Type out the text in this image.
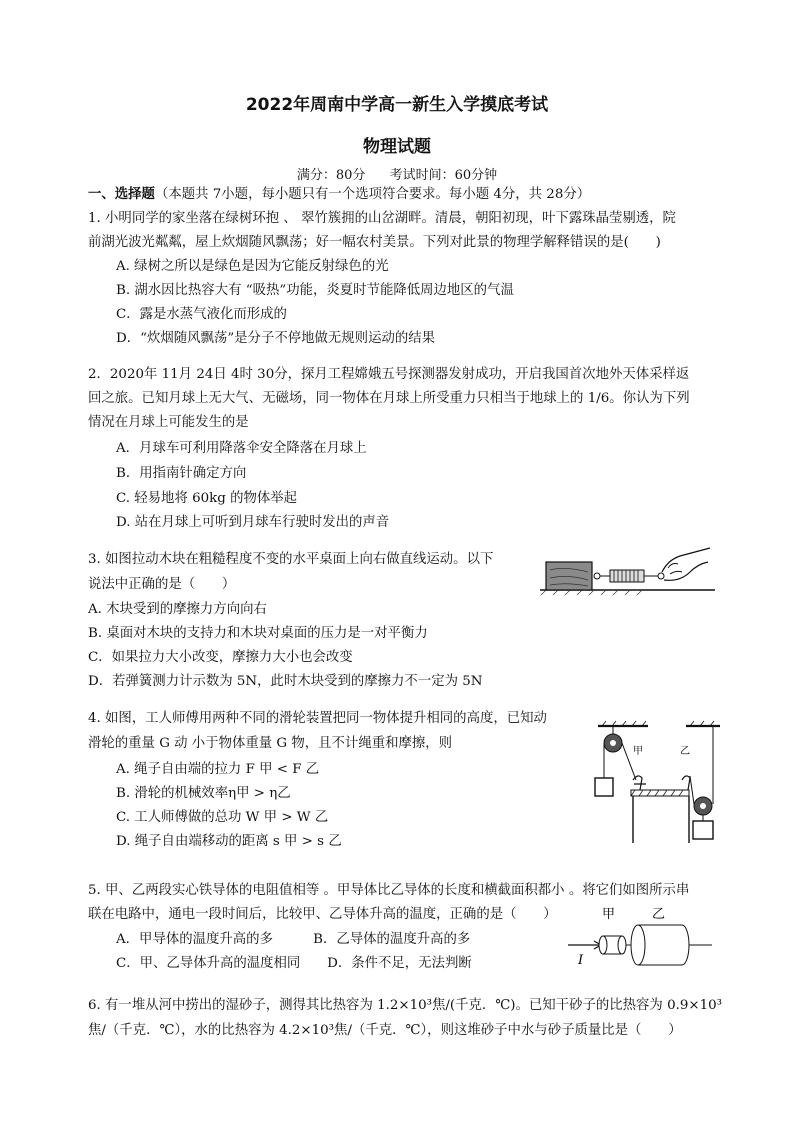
2022年周南中学高一新生入学摸底考试
物理试题
满分：80分 考试时间：60分钟
一、选择题（本题共 7小题，每小题只有一个选项符合要求。每小题 4分，共 28分）
1. 小明同学的家坐落在绿树环抱 、 翠竹簇拥的山岔湖畔。清晨，朝阳初现，叶下露珠晶莹剔透，院
前湖光波光粼粼，屋上炊烟随风飘荡；好一幅农村美景。下列对此景的物理学解释错误的是(　　)
A. 绿树之所以是绿色是因为它能反射绿色的光
B. 湖水因比热容大有 “吸热”功能，炎夏时节能降低周边地区的气温
C．露是水蒸气液化而形成的
D．“炊烟随风飘荡”是分子不停地做无规则运动的结果
2．2020年 11月 24日 4时 30分，探月工程嫦娥五号探测器发射成功，开启我国首次地外天体采样返
回之旅。已知月球上无大气、无磁场，同一物体在月球上所受重力只相当于地球上的 1/6。你认为下列
情况在月球上可能发生的是
A．月球车可利用降落伞安全降落在月球上
B．用指南针确定方向
C. 轻易地将 60kg 的物体举起
D. 站在月球上可听到月球车行驶时发出的声音
3. 如图拉动木块在粗糙程度不变的水平桌面上向右做直线运动。以下
说法中正确的是（　　）
A. 木块受到的摩擦力方向向右
B. 桌面对木块的支持力和木块对桌面的压力是一对平衡力
C．如果拉力大小改变，摩擦力大小也会改变
D．若弹簧测力计示数为 5N，此时木块受到的摩擦力不一定为 5N
4. 如图，工人师傅用两种不同的滑轮装置把同一物体提升相同的高度，已知动
滑轮的重量 G 动 小于物体重量 G 物，且不计绳重和摩擦，则
A. 绳子自由端的拉力 F 甲 < F 乙
B. 滑轮的机械效率η甲 > η乙
C. 工人师傅做的总功 W 甲 > W 乙
D. 绳子自由端移动的距离 s 甲 > s 乙
甲	乙
5. 甲、乙两段实心铁导体的电阻值相等 。甲导体比乙导体的长度和横截面积都小 。将它们如图所示串
联在电路中，通电一段时间后，比较甲、乙导体升高的温度，正确的是（　　）
A．甲导体的温度升高的多　　　B．乙导体的温度升高的多
C．甲、乙导体升高的温度相同　　D．条件不足，无法判断
甲	乙
I
6. 有一堆从河中捞出的湿砂子，测得其比热容为 1.2×10³焦/(千克．℃)。已知干砂子的比热容为 0.9×10³
焦/（千克．℃），水的比热容为 4.2×10³焦/（千克．℃），则这堆砂子中水与砂子质量比是（　　）
